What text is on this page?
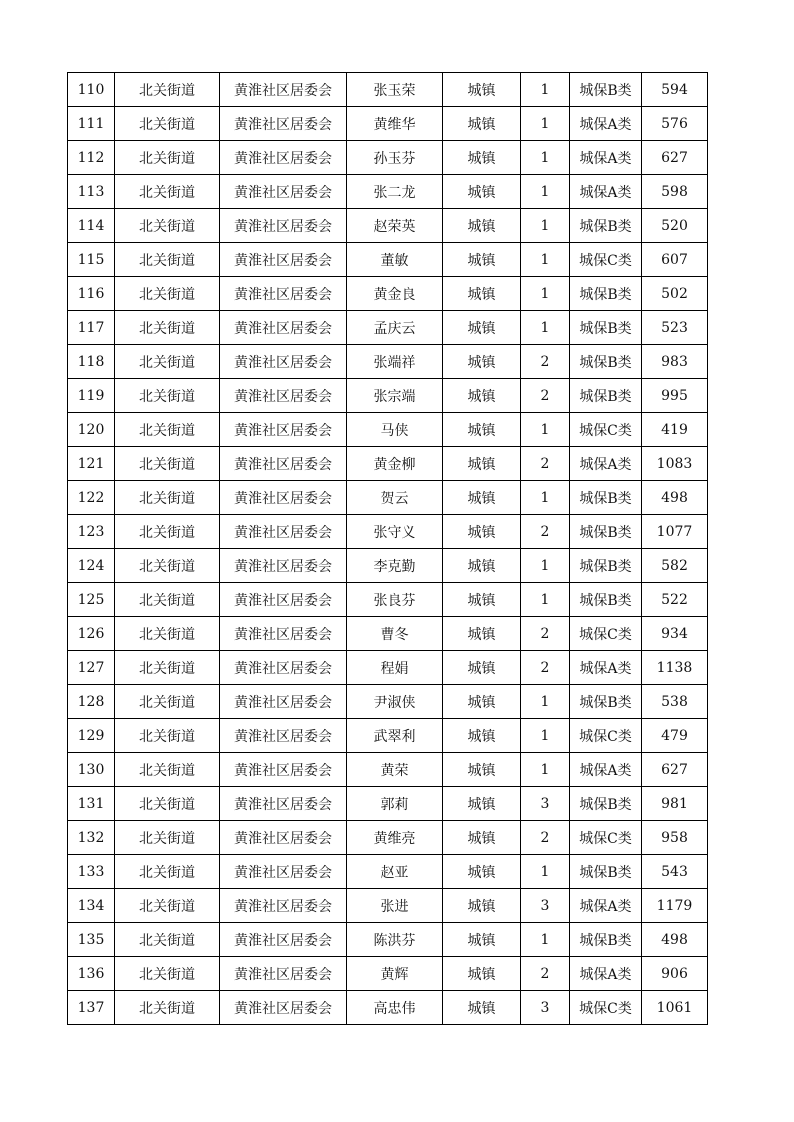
110	北关街道	黄淮社区居委会	张玉荣	城镇	1	城保B类	594
111	北关街道	黄淮社区居委会	黄维华	城镇	1	城保A类	576
112	北关街道	黄淮社区居委会	孙玉芬	城镇	1	城保A类	627
113	北关街道	黄淮社区居委会	张二龙	城镇	1	城保A类	598
114	北关街道	黄淮社区居委会	赵荣英	城镇	1	城保B类	520
115	北关街道	黄淮社区居委会	董敏	城镇	1	城保C类	607
116	北关街道	黄淮社区居委会	黄金良	城镇	1	城保B类	502
117	北关街道	黄淮社区居委会	孟庆云	城镇	1	城保B类	523
118	北关街道	黄淮社区居委会	张端祥	城镇	2	城保B类	983
119	北关街道	黄淮社区居委会	张宗端	城镇	2	城保B类	995
120	北关街道	黄淮社区居委会	马侠	城镇	1	城保C类	419
121	北关街道	黄淮社区居委会	黄金柳	城镇	2	城保A类	1083
122	北关街道	黄淮社区居委会	贺云	城镇	1	城保B类	498
123	北关街道	黄淮社区居委会	张守义	城镇	2	城保B类	1077
124	北关街道	黄淮社区居委会	李克勤	城镇	1	城保B类	582
125	北关街道	黄淮社区居委会	张良芬	城镇	1	城保B类	522
126	北关街道	黄淮社区居委会	曹冬	城镇	2	城保C类	934
127	北关街道	黄淮社区居委会	程娟	城镇	2	城保A类	1138
128	北关街道	黄淮社区居委会	尹淑侠	城镇	1	城保B类	538
129	北关街道	黄淮社区居委会	武翠利	城镇	1	城保C类	479
130	北关街道	黄淮社区居委会	黄荣	城镇	1	城保A类	627
131	北关街道	黄淮社区居委会	郭莉	城镇	3	城保B类	981
132	北关街道	黄淮社区居委会	黄维亮	城镇	2	城保C类	958
133	北关街道	黄淮社区居委会	赵亚	城镇	1	城保B类	543
134	北关街道	黄淮社区居委会	张进	城镇	3	城保A类	1179
135	北关街道	黄淮社区居委会	陈洪芬	城镇	1	城保B类	498
136	北关街道	黄淮社区居委会	黄辉	城镇	2	城保A类	906
137	北关街道	黄淮社区居委会	高忠伟	城镇	3	城保C类	1061
